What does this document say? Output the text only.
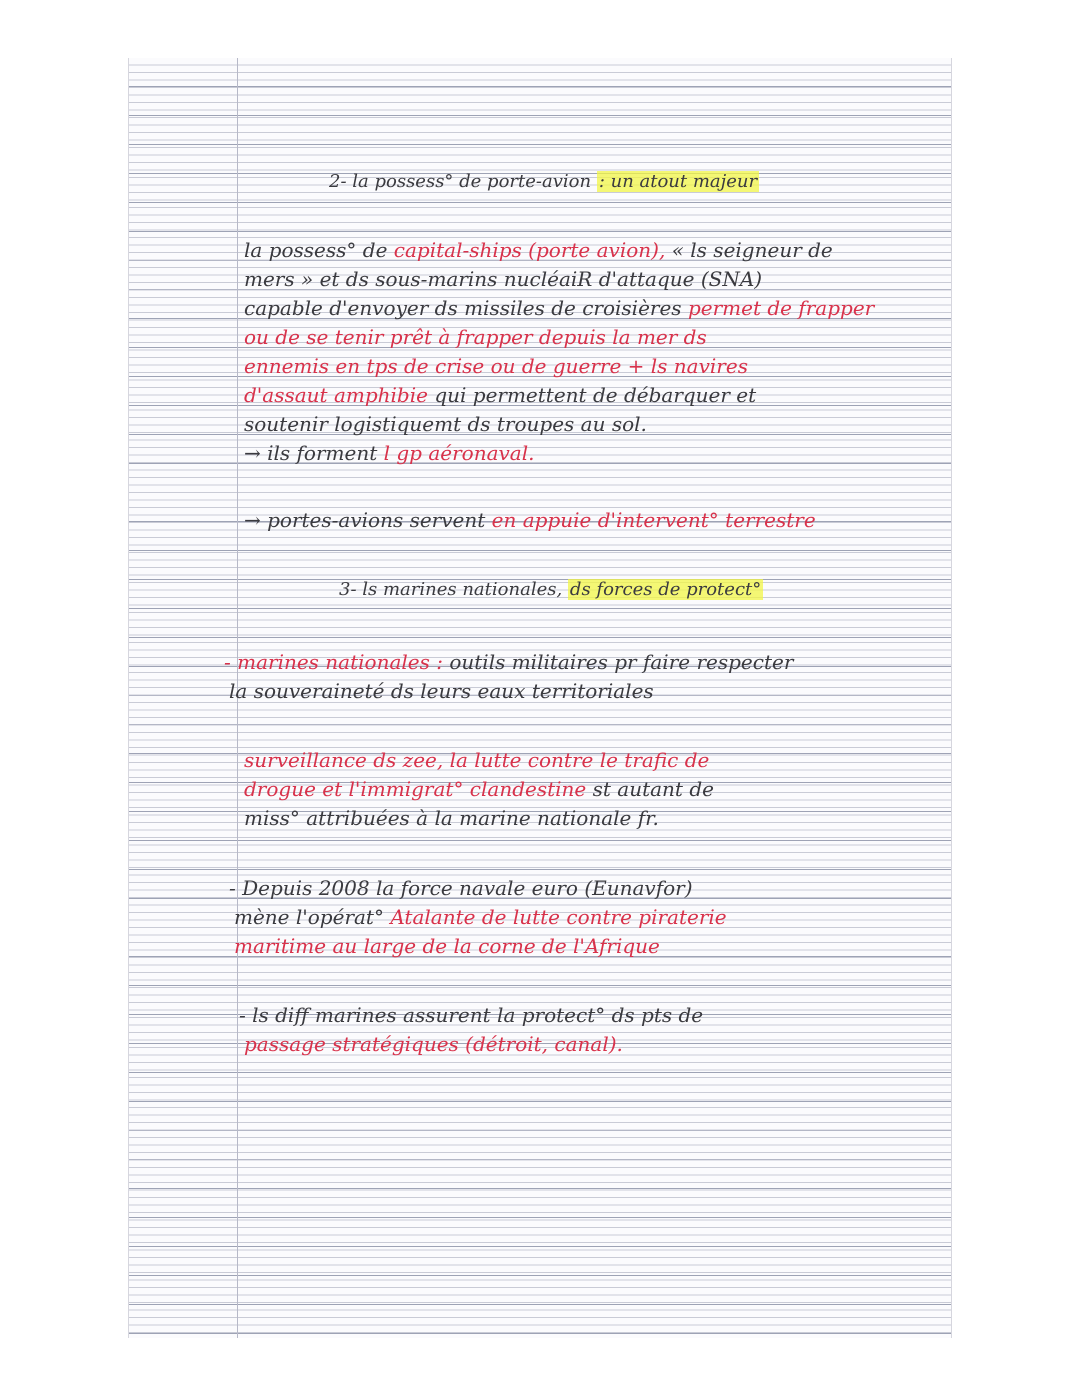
2- la possess° de porte-avion : un atout majeur
la possess° de capital-ships (porte avion), « ls seigneur de
mers » et ds sous-marins nucléaiR d'attaque (SNA)
capable d'envoyer ds missiles de croisières permet de frapper
ou de se tenir prêt à frapper depuis la mer ds
ennemis en tps de crise ou de guerre + ls navires
d'assaut amphibie qui permettent de débarquer et
soutenir logistiquemt ds troupes au sol.
→ ils forment l gp aéronaval.
→ portes-avions servent en appuie d'intervent° terrestre
3- ls marines nationales, ds forces de protect°
- marines nationales : outils militaires pr faire respecter
la souveraineté ds leurs eaux territoriales
surveillance ds zee, la lutte contre le trafic de
drogue et l'immigrat° clandestine st autant de
miss° attribuées à la marine nationale fr.
- Depuis 2008 la force navale euro (Eunavfor)
mène l'opérat° Atalante de lutte contre piraterie
maritime au large de la corne de l'Afrique
- ls diff marines assurent la protect° ds pts de
passage stratégiques (détroit, canal).
